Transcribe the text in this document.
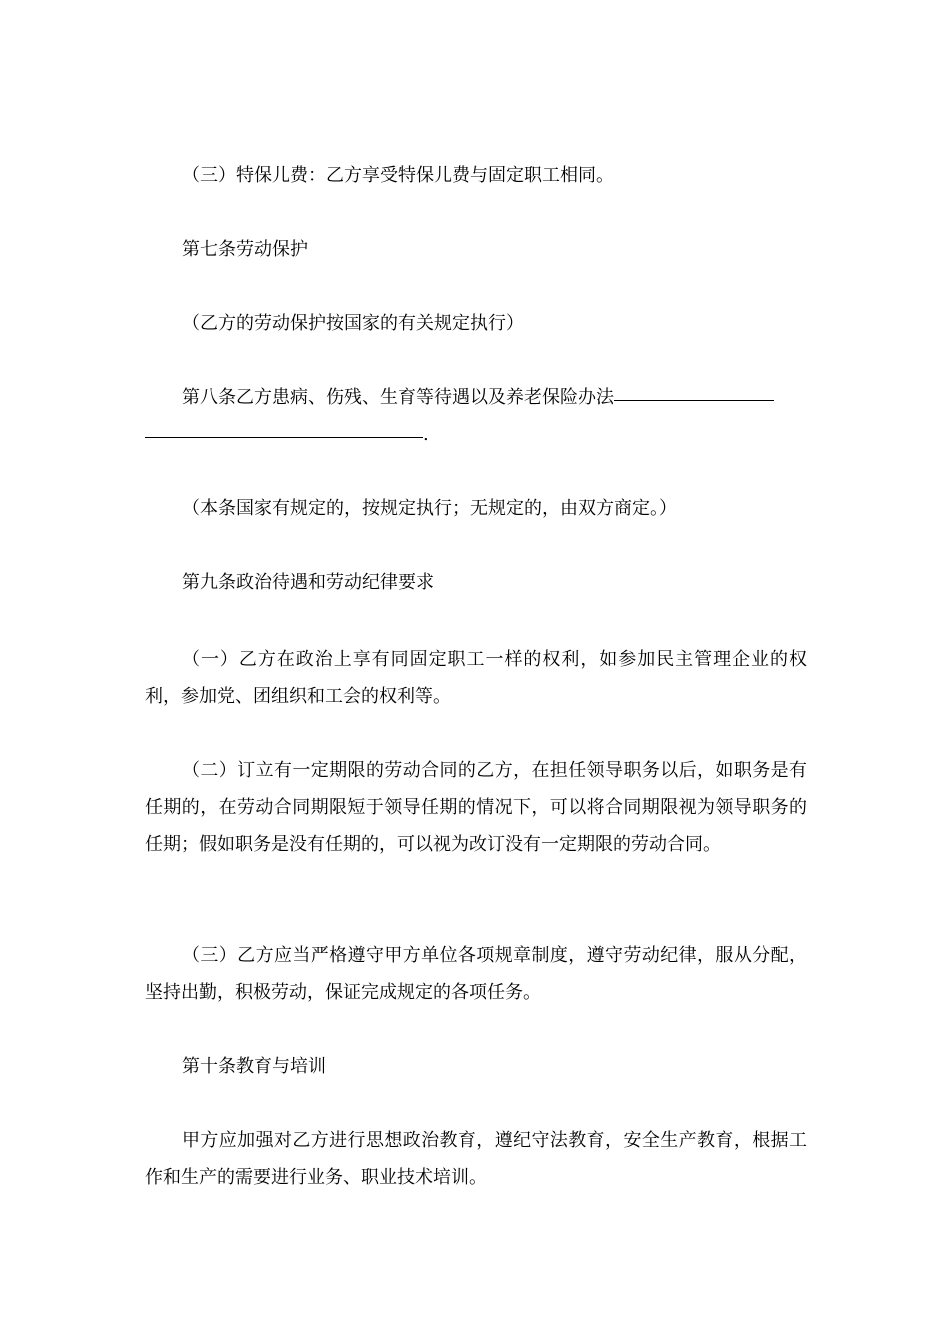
（三）特保儿费：乙方享受特保儿费与固定职工相同。

第七条劳动保护

（乙方的劳动保护按国家的有关规定执行）

第八条乙方患病、伤残、生育等待遇以及养老保险办法
.

（本条国家有规定的，按规定执行；无规定的，由双方商定。）

第九条政治待遇和劳动纪律要求

（一）乙方在政治上享有同固定职工一样的权利，如参加民主管理企业的权利，参加党、团组织和工会的权利等。

（二）订立有一定期限的劳动合同的乙方，在担任领导职务以后，如职务是有任期的，在劳动合同期限短于领导任期的情况下，可以将合同期限视为领导职务的任期；假如职务是没有任期的，可以视为改订没有一定期限的劳动合同。

（三）乙方应当严格遵守甲方单位各项规章制度，遵守劳动纪律，服从分配，坚持出勤，积极劳动，保证完成规定的各项任务。

第十条教育与培训

甲方应加强对乙方进行思想政治教育，遵纪守法教育，安全生产教育，根据工作和生产的需要进行业务、职业技术培训。
